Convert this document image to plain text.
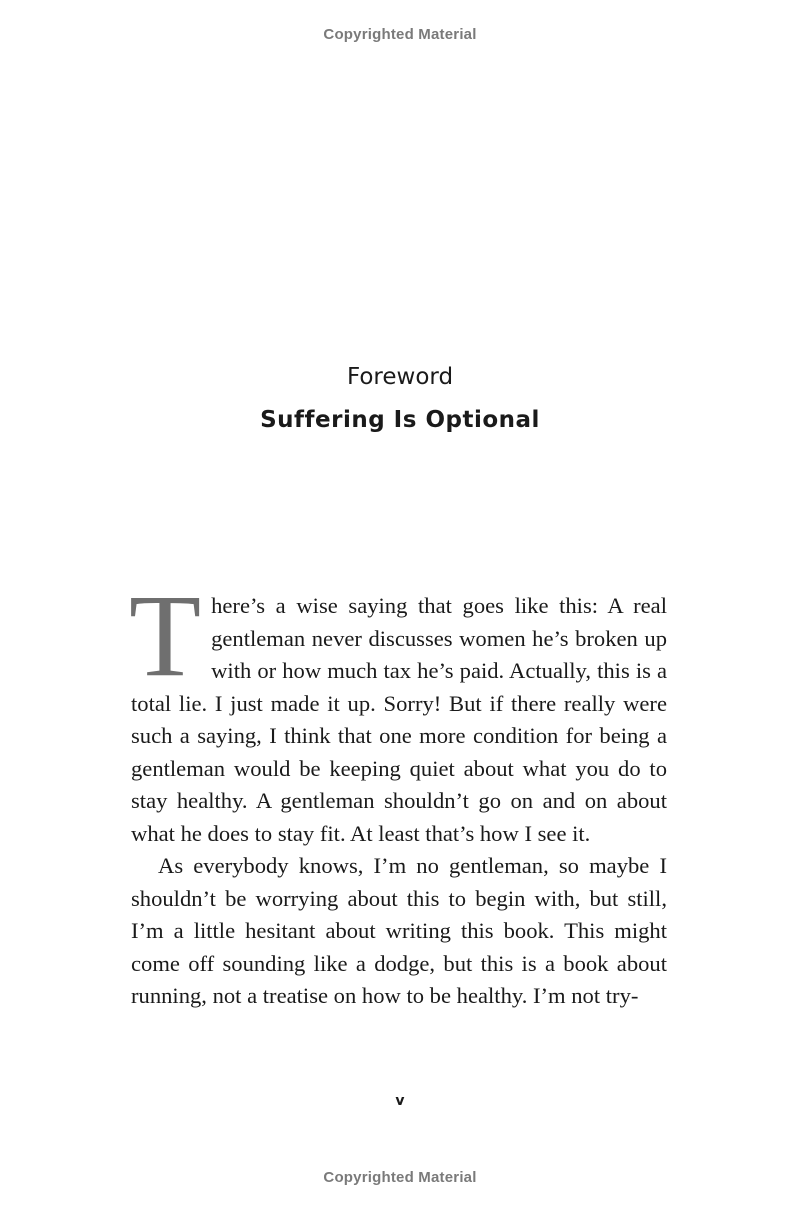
Copyrighted Material
Foreword
Suffering Is Optional

There’s a wise saying that goes like this: A real gentleman never discusses women he’s broken up with or how much tax he’s paid. Actually, this is a total lie. I just made it up. Sorry! But if there really were such a saying, I think that one more condition for being a gentleman would be keeping quiet about what you do to stay healthy. A gentleman shouldn’t go on and on about what he does to stay fit. At least that’s how I see it.

As everybody knows, I’m no gentleman, so maybe I shouldn’t be worrying about this to begin with, but still, I’m a little hesitant about writing this book. This might come off sounding like a dodge, but this is a book about running, not a treatise on how to be healthy. I’m not try-

v
Copyrighted Material
